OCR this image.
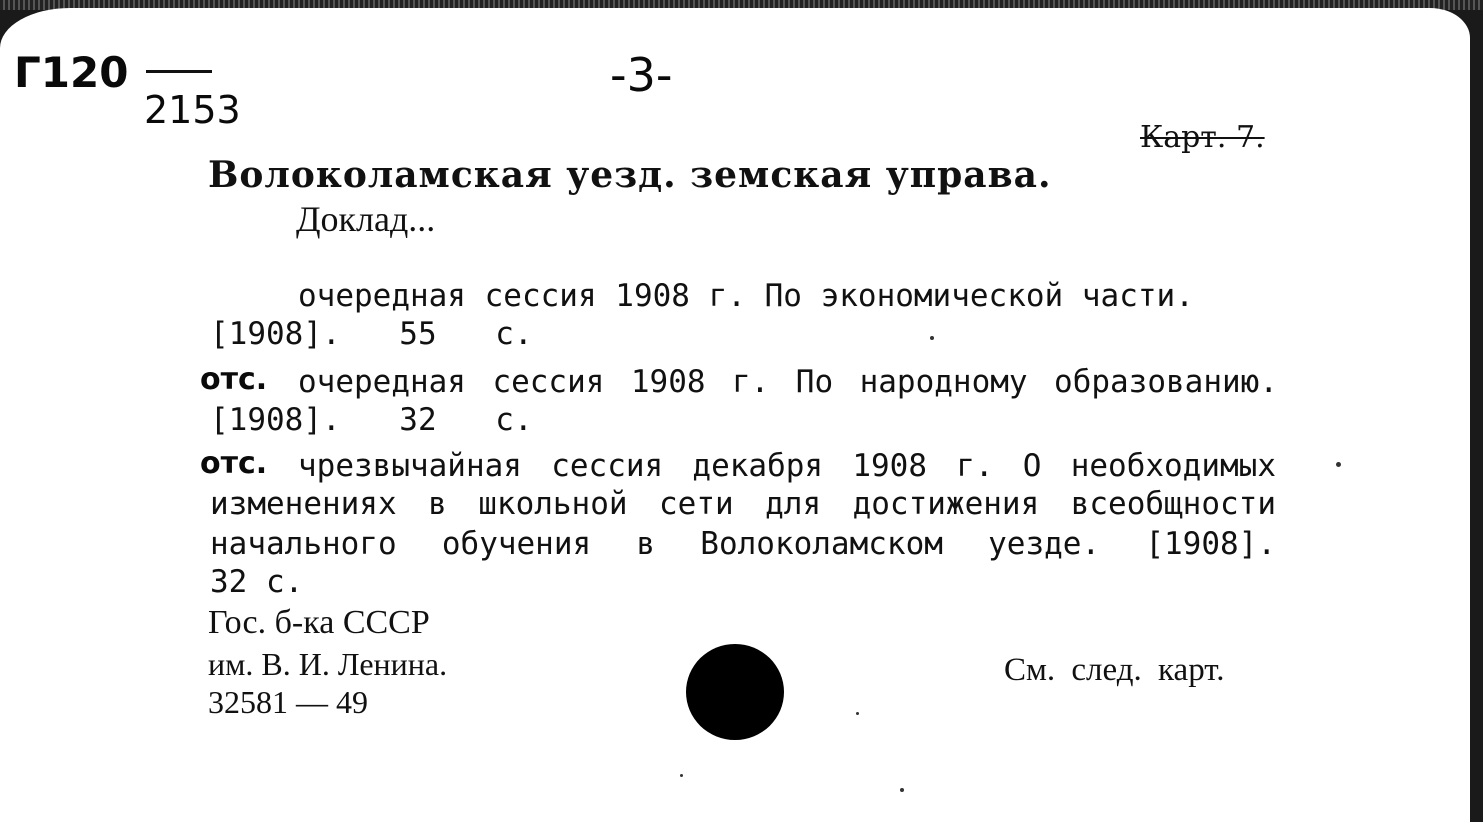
Г120
2153
-3-
Карт. 7.
Волоколамская уезд. земская управа.
Доклад...
очередная сессия 1908 г. По экономической части.
[1908]. 55 с.
отс. очередная сессия 1908 г. По народному образованию.
[1908]. 32 с.
отс. чрезвычайная сессия декабря 1908 г. О необходимых
изменениях в школьной сети для достижения всеобщности
начального обучения в Волоколамском уезде. [1908].
32 с.
Гос. б-ка СССР
им. В. И. Ленина.
32581 — 49
См. след. карт.
